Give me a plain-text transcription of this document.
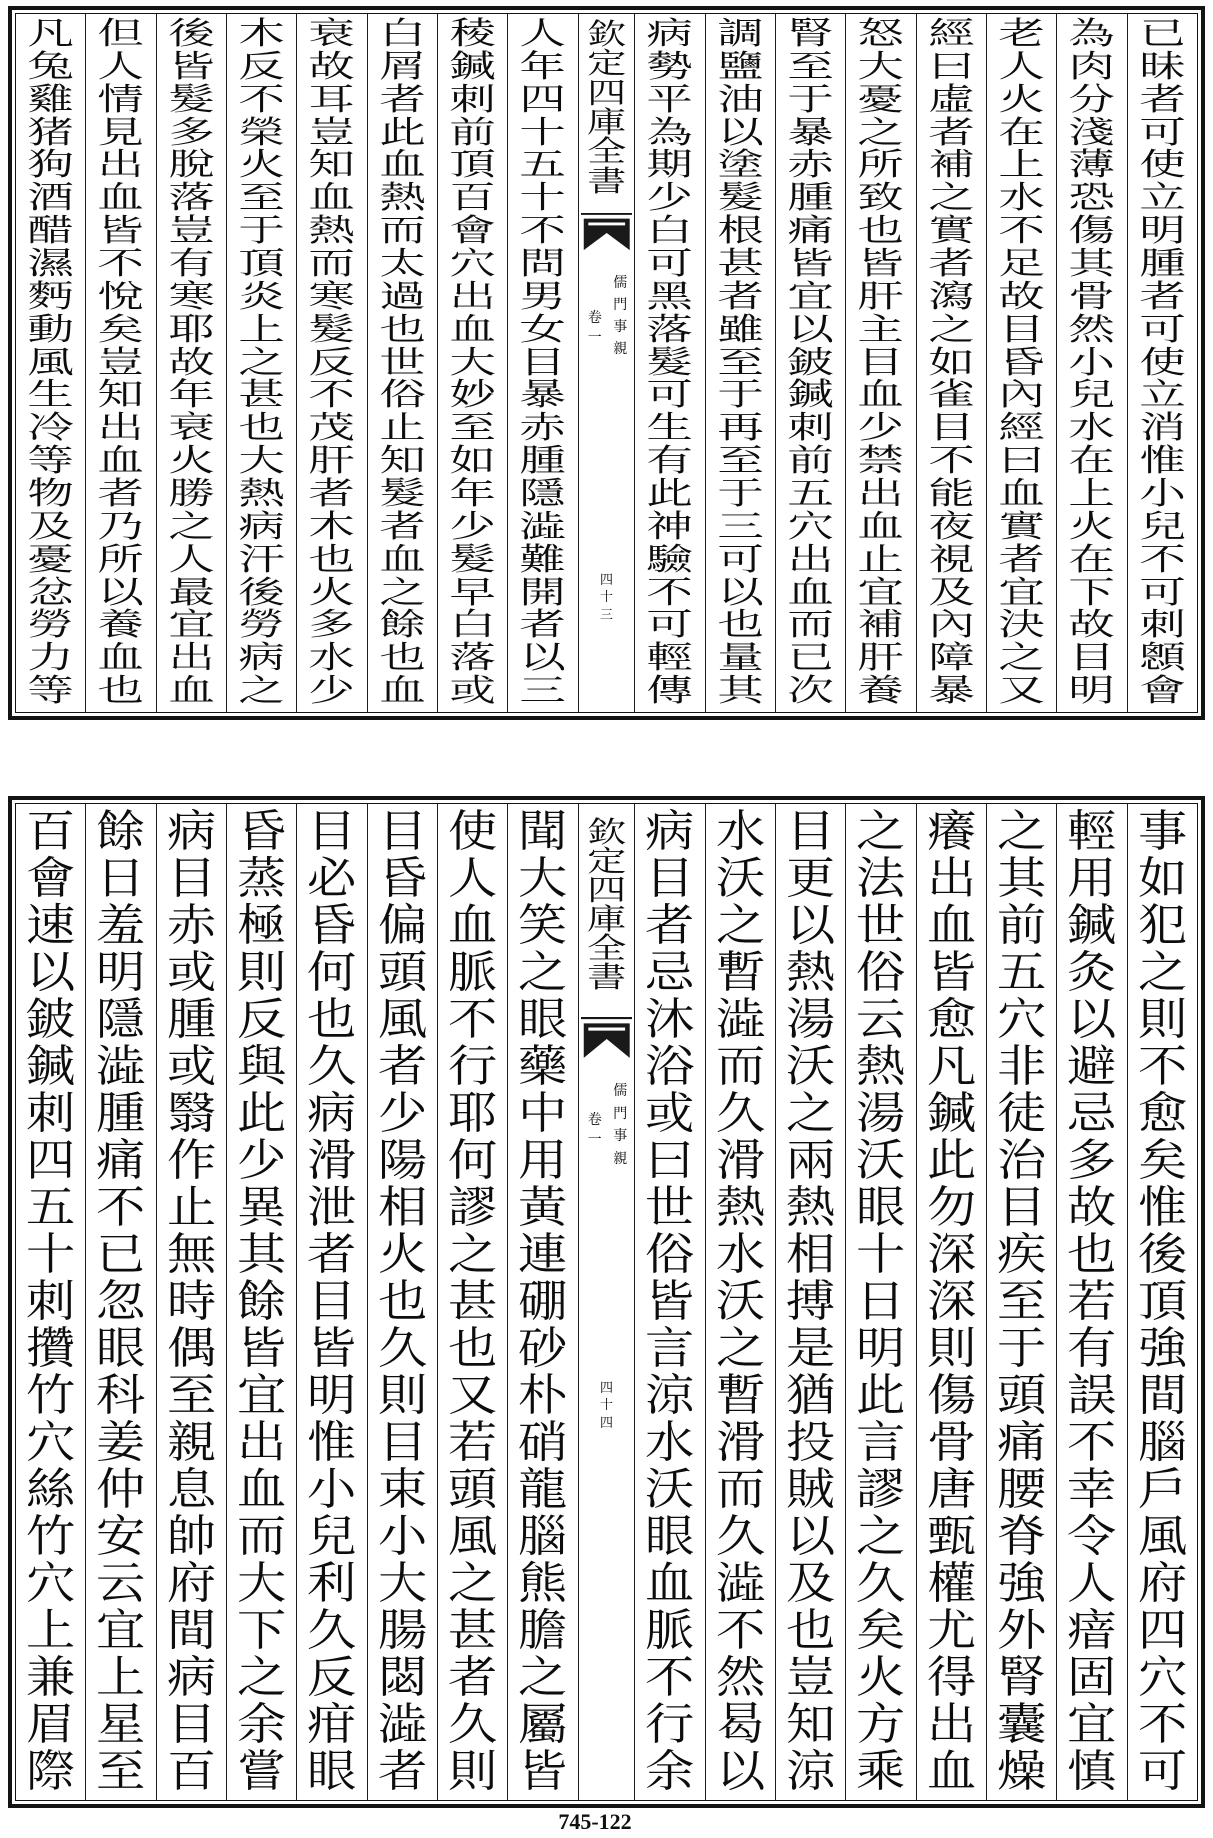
已
昧
者
可
使
立
明
腫
者
可
使
立
消
惟
小
兒
不
可
刺
顖
會
為
肉
分
淺
薄
恐
傷
其
骨
然
小
兒
水
在
上
火
在
下
故
目
明
老
人
火
在
上
水
不
足
故
目
昏
內
經
曰
血
實
者
宜
決
之
又
經
曰
虛
者
補
之
實
者
瀉
之
如
雀
目
不
能
夜
視
及
內
障
暴
怒
大
憂
之
所
致
也
皆
肝
主
目
血
少
禁
出
血
止
宜
補
肝
養
腎
至
于
暴
赤
腫
痛
皆
宜
以
鈹
鍼
刺
前
五
穴
出
血
而
已
次
調
鹽
油
以
塗
髮
根
甚
者
雖
至
于
再
至
于
三
可
以
也
量
其
病
勢
平
為
期
少
白
可
黑
落
髮
可
生
有
此
神
驗
不
可
輕
傳
欽
定
四
庫
全
書
儒
門
事
親
卷
一
四
十
三
人
年
四
十
五
十
不
問
男
女
目
暴
赤
腫
隱
澁
難
開
者
以
三
稜
鍼
刺
前
頂
百
會
穴
出
血
大
妙
至
如
年
少
髮
早
白
落
或
白
屑
者
此
血
熱
而
太
過
也
世
俗
止
知
髮
者
血
之
餘
也
血
衰
故
耳
豈
知
血
熱
而
寒
髮
反
不
茂
肝
者
木
也
火
多
水
少
木
反
不
榮
火
至
于
頂
炎
上
之
甚
也
大
熱
病
汗
後
勞
病
之
後
皆
髮
多
脫
落
豈
有
寒
耶
故
年
衰
火
勝
之
人
最
宜
出
血
但
人
情
見
出
血
皆
不
悅
矣
豈
知
出
血
者
乃
所
以
養
血
也
凡
兔
雞
猪
狗
酒
醋
濕
麪
動
風
生
冷
等
物
及
憂
忿
勞
力
等
事
如
犯
之
則
不
愈
矣
惟
後
頂
強
間
腦
戶
風
府
四
穴
不
可
輕
用
鍼
灸
以
避
忌
多
故
也
若
有
誤
不
幸
令
人
瘖
固
宜
慎
之
其
前
五
穴
非
徒
治
目
疾
至
于
頭
痛
腰
脊
強
外
腎
囊
燥
癢
出
血
皆
愈
凡
鍼
此
勿
深
深
則
傷
骨
唐
甄
權
尤
得
出
血
之
法
世
俗
云
熱
湯
沃
眼
十
日
明
此
言
謬
之
久
矣
火
方
乘
目
更
以
熱
湯
沃
之
兩
熱
相
搏
是
猶
投
賊
以
及
也
豈
知
涼
水
沃
之
暫
澁
而
久
滑
熱
水
沃
之
暫
滑
而
久
澁
不
然
曷
以
病
目
者
忌
沐
浴
或
曰
世
俗
皆
言
涼
水
沃
眼
血
脈
不
行
余
欽
定
四
庫
全
書
儒
門
事
親
卷
一
四
十
四
聞
大
笑
之
眼
藥
中
用
黃
連
硼
砂
朴
硝
龍
腦
熊
膽
之
屬
皆
使
人
血
脈
不
行
耶
何
謬
之
甚
也
又
若
頭
風
之
甚
者
久
則
目
昏
偏
頭
風
者
少
陽
相
火
也
久
則
目
束
小
大
腸
閟
澁
者
目
必
昏
何
也
久
病
滑
泄
者
目
皆
明
惟
小
兒
利
久
反
疳
眼
昏
蒸
極
則
反
與
此
少
異
其
餘
皆
宜
出
血
而
大
下
之
余
嘗
病
目
赤
或
腫
或
翳
作
止
無
時
偶
至
親
息
帥
府
間
病
目
百
餘
日
羞
明
隱
澁
腫
痛
不
已
忽
眼
科
姜
仲
安
云
宜
上
星
至
百
會
速
以
鈹
鍼
刺
四
五
十
刺
攢
竹
穴
絲
竹
穴
上
兼
眉
際
745-122
